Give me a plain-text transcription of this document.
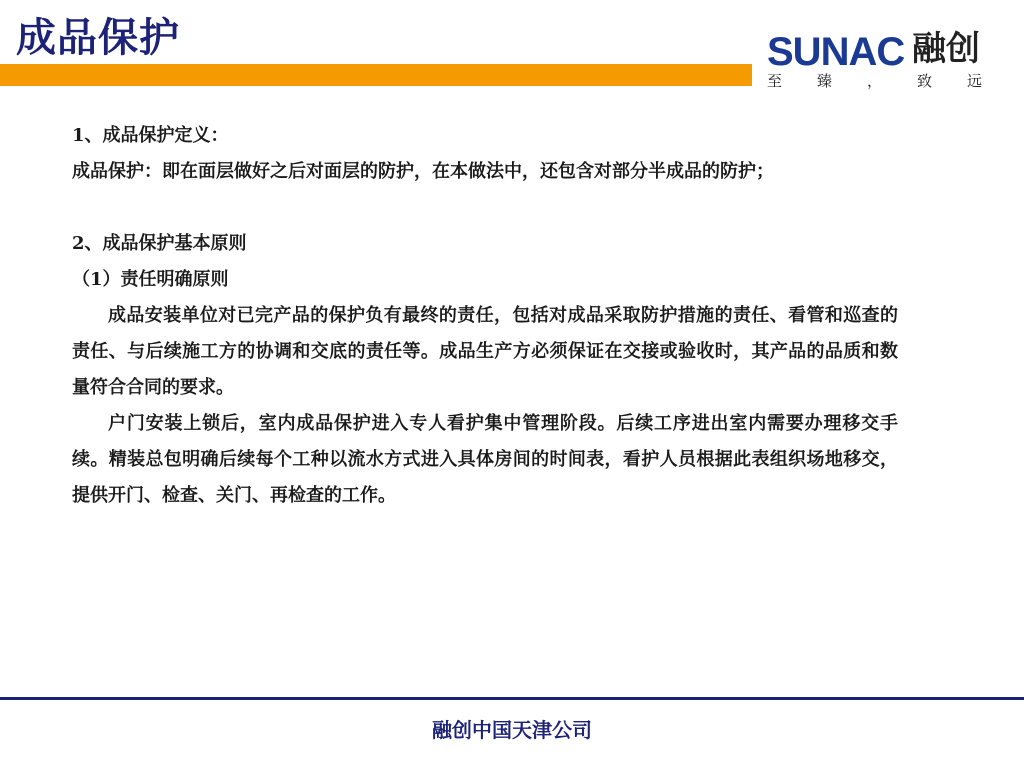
成品保护	SUNAC 融创
至 臻 ， 致 远

1、成品保护定义：

成品保护：即在面层做好之后对面层的防护，在本做法中，还包含对部分半成品的防护；

2、成品保护基本原则

（1）责任明确原则

成品安装单位对已完产品的保护负有最终的责任，包括对成品采取防护措施的责任、看管和巡查的责任、与后续施工方的协调和交底的责任等。成品生产方必须保证在交接或验收时，其产品的品质和数量符合合同的要求。

户门安装上锁后，室内成品保护进入专人看护集中管理阶段。后续工序进出室内需要办理移交手续。精装总包明确后续每个工种以流水方式进入具体房间的时间表，看护人员根据此表组织场地移交，提供开门、检查、关门、再检查的工作。

融创中国天津公司
